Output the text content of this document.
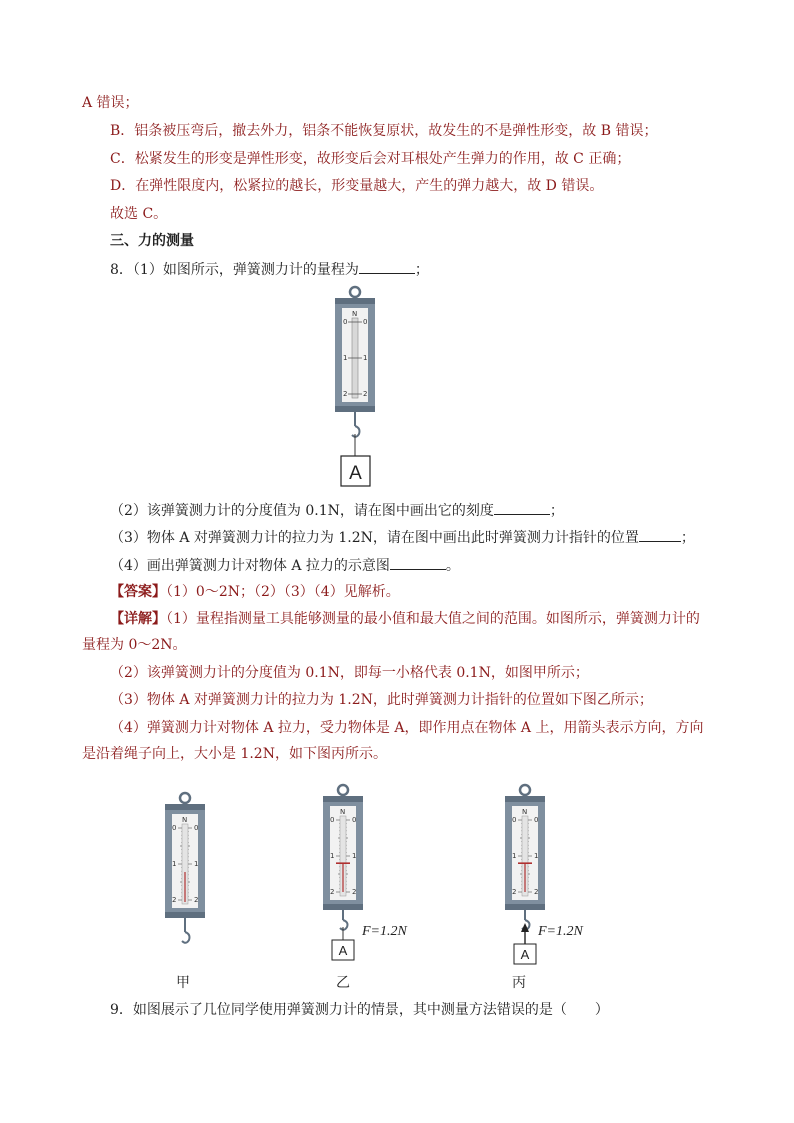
A 错误；
B．铝条被压弯后，撤去外力，铝条不能恢复原状，故发生的不是弹性形变，故 B 错误；
C．松紧发生的形变是弹性形变，故形变后会对耳根处产生弹力的作用，故 C 正确；
D．在弹性限度内，松紧拉的越长，形变量越大，产生的弹力越大，故 D 错误。
故选 C。
三、力的测量
8．（1）如图所示，弹簧测力计的量程为	；
N
0 0
1 1
2 2
A
（2）该弹簧测力计的分度值为 0.1N，请在图中画出它的刻度	；
（3）物体 A 对弹簧测力计的拉力为 1.2N，请在图中画出此时弹簧测力计指针的位置	；
（4）画出弹簧测力计对物体 A 拉力的示意图	。
【答案】（1）0～2N；（2）（3）（4）见解析。
【详解】（1）量程指测量工具能够测量的最小值和最大值之间的范围。如图所示，弹簧测力计的
量程为 0～2N。
（2）该弹簧测力计的分度值为 0.1N，即每一小格代表 0.1N，如图甲所示；
（3）物体 A 对弹簧测力计的拉力为 1.2N，此时弹簧测力计指针的位置如下图乙所示；
（4）弹簧测力计对物体 A 拉力，受力物体是 A，即作用点在物体 A 上，用箭头表示方向，方向
是沿着绳子向上，大小是 1.2N，如下图丙所示。
N
0	0
1	1
2	2
N
0	0
1	1
2	2
A
F=1.2N
N
0	0
1	1
2	2
A
F=1.2N
甲	乙	丙
9．如图展示了几位同学使用弹簧测力计的情景，其中测量方法错误的是（　　）
